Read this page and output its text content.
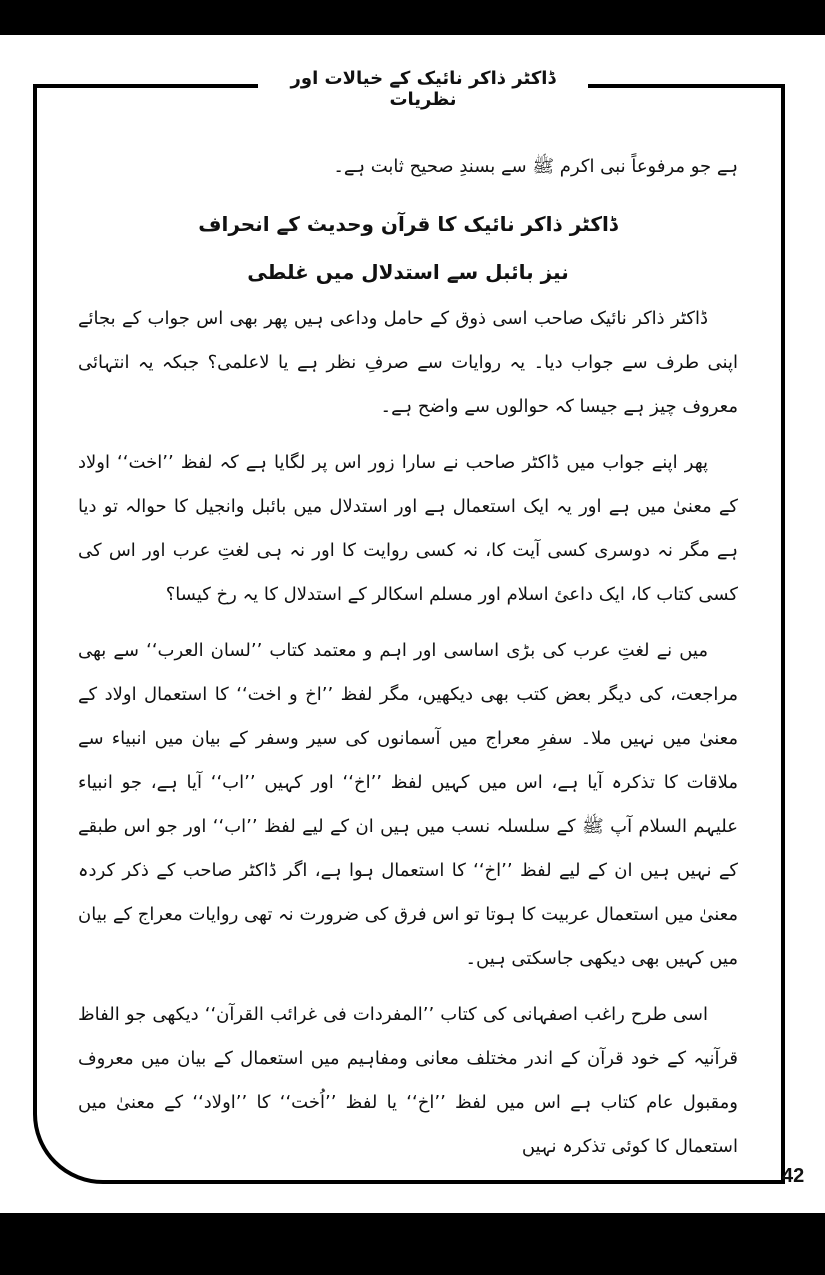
ڈاکٹر ذاکر نائیک کے خیالات اور نظریات

ہے جو مرفوعاً نبی اکرم ﷺ سے بسندِ صحیح ثابت ہے۔

ڈاکٹر ذاکر نائیک کا قرآن وحدیث کے انحراف
نیز بائبل سے استدلال میں غلطی

ڈاکٹر ذاکر نائیک صاحب اسی ذوق کے حامل وداعی ہیں پھر بھی اس جواب کے بجائے اپنی طرف سے جواب دیا۔ یہ روایات سے صرفِ نظر ہے یا لاعلمی؟ جبکہ یہ انتہائی معروف چیز ہے جیسا کہ حوالوں سے واضح ہے۔

پھر اپنے جواب میں ڈاکٹر صاحب نے سارا زور اس پر لگایا ہے کہ لفظ ’’اخت‘‘ اولاد کے معنیٰ میں ہے اور یہ ایک استعمال ہے اور استدلال میں بائبل وانجیل کا حوالہ تو دیا ہے مگر نہ دوسری کسی آیت کا، نہ کسی روایت کا اور نہ ہی لغتِ عرب اور اس کی کسی کتاب کا، ایک داعیٔ اسلام اور مسلم اسکالر کے استدلال کا یہ رخ کیسا؟

میں نے لغتِ عرب کی بڑی اساسی اور اہم و معتمد کتاب ’’لسان العرب‘‘ سے بھی مراجعت، کی دیگر بعض کتب بھی دیکھیں، مگر لفظ ’’اخ و اخت‘‘ کا استعمال اولاد کے معنیٰ میں نہیں ملا۔ سفرِ معراج میں آسمانوں کی سیر وسفر کے بیان میں انبیاء سے ملاقات کا تذکرہ آیا ہے، اس میں کہیں لفظ ’’اخ‘‘ اور کہیں ’’اب‘‘ آیا ہے، جو انبیاء علیہم السلام آپ ﷺ کے سلسلہ نسب میں ہیں ان کے لیے لفظ ’’اب‘‘ اور جو اس طبقے کے نہیں ہیں ان کے لیے لفظ ’’اخ‘‘ کا استعمال ہوا ہے، اگر ڈاکٹر صاحب کے ذکر کردہ معنیٰ میں استعمال عربیت کا ہوتا تو اس فرق کی ضرورت نہ تھی روایات معراج کے بیان میں کہیں بھی دیکھی جاسکتی ہیں۔

اسی طرح راغب اصفہانی کی کتاب ’’المفردات فی غرائب القرآن‘‘ دیکھی جو الفاظ قرآنیہ کے خود قرآن کے اندر مختلف معانی ومفاہیم میں استعمال کے بیان میں معروف ومقبول عام کتاب ہے اس میں لفظ ’’اخ‘‘ یا لفظ ’’اُخت‘‘ کا ’’اولاد‘‘ کے معنیٰ میں استعمال کا کوئی تذکرہ نہیں

42
